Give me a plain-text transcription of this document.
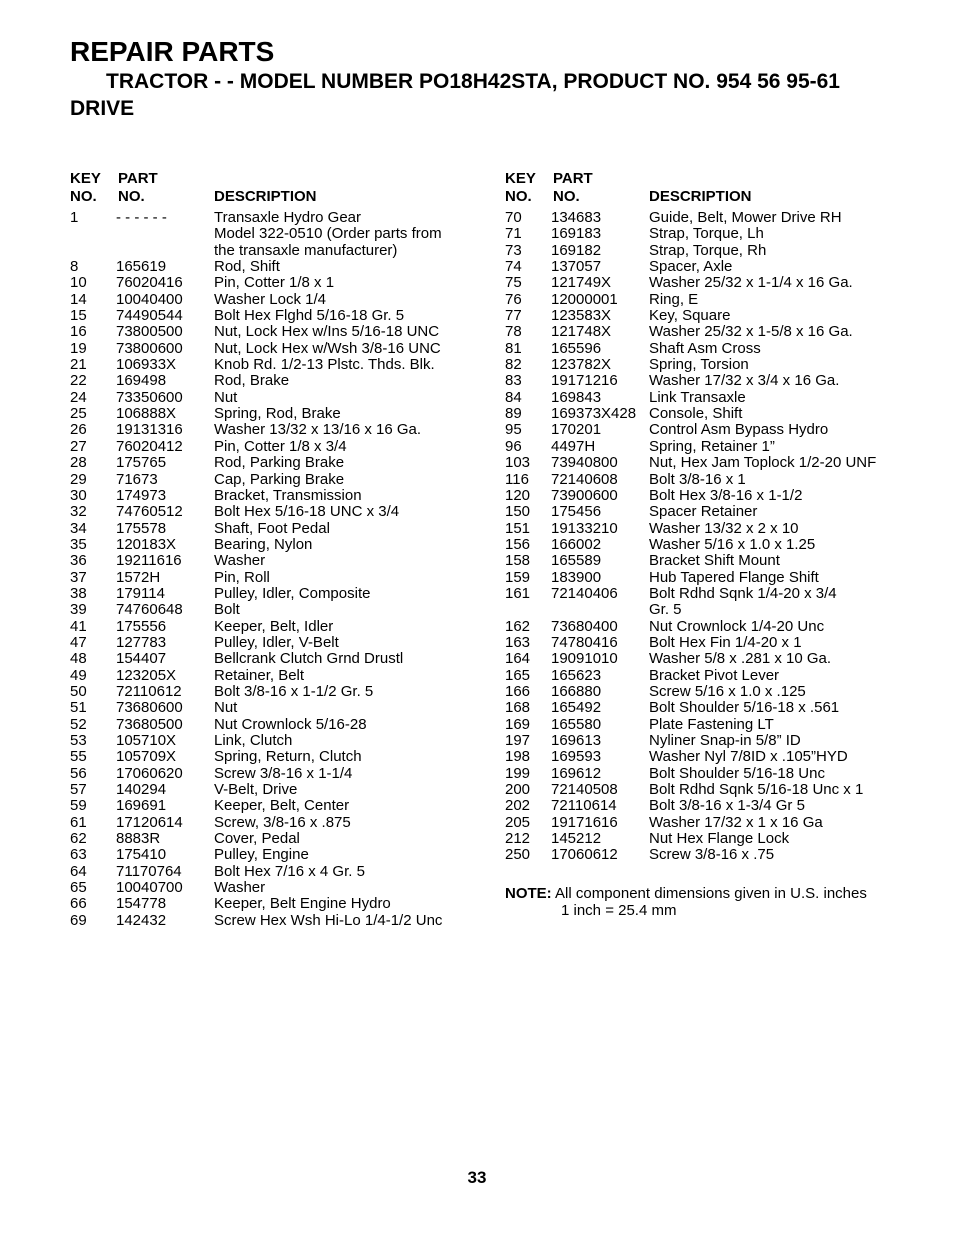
REPAIR PARTS
TRACTOR - - MODEL NUMBER PO18H42STA, PRODUCT NO. 954 56 95-61
DRIVE
KEY
NO.
PART
NO.	DESCRIPTION
1	- - - - - -	Transaxle Hydro Gear
Model 322-0510 (Order parts from
the transaxle manufacturer)
8	165619	Rod, Shift
10 76020416 Pin, Cotter 1/8 x 1
14 10040400 Washer Lock 1/4
15 74490544 Bolt Hex Flghd 5/16-18 Gr. 5
16 73800500 Nut, Lock Hex w/Ins 5/16-18 UNC
19 73800600 Nut, Lock Hex w/Wsh 3/8-16 UNC
21 106933X	Knob Rd. 1/2-13 Plstc. Thds. Blk.
22 169498	Rod, Brake
24 73350600 Nut
25 106888X	Spring, Rod, Brake
26 19131316 Washer 13/32 x 13/16 x 16 Ga.
27 76020412 Pin, Cotter 1/8 x 3/4
28 175765	Rod, Parking Brake
29 71673	Cap, Parking Brake
30 174973	Bracket, Transmission
32 74760512 Bolt Hex 5/16-18 UNC x 3/4
34 175578	Shaft, Foot Pedal
35 120183X	Bearing, Nylon
36 19211616 Washer
37 1572H	Pin, Roll
38 179114	Pulley, Idler, Composite
39 74760648 Bolt
41 175556	Keeper, Belt, Idler
47 127783	Pulley, Idler, V-Belt
48 154407	Bellcrank Clutch Grnd Drustl
49 123205X	Retainer, Belt
50 72110612 Bolt 3/8-16 x 1-1/2 Gr. 5
51 73680600 Nut
52 73680500 Nut Crownlock 5/16-28
53 105710X	Link, Clutch
55 105709X	Spring, Return, Clutch
56 17060620 Screw 3/8-16 x 1-1/4
57 140294	V-Belt, Drive
59 169691	Keeper, Belt, Center
61 17120614 Screw, 3/8-16 x .875
62 8883R	Cover, Pedal
63 175410	Pulley, Engine
64 71170764 Bolt Hex 7/16 x 4 Gr. 5
65 10040700 Washer
66 154778	Keeper, Belt Engine Hydro
69 142432	Screw Hex Wsh Hi-Lo 1/4-1/2 Unc
KEY
NO.
PART
NO.	DESCRIPTION
70 134683	Guide, Belt, Mower Drive RH
71 169183	Strap, Torque, Lh
73 169182	Strap, Torque, Rh
74 137057	Spacer, Axle
75 121749X	Washer 25/32 x 1-1/4 x 16 Ga.
76 12000001 Ring, E
77 123583X	Key, Square
78 121748X	Washer 25/32 x 1-5/8 x 16 Ga.
81 165596	Shaft Asm Cross
82 123782X	Spring, Torsion
83 19171216 Washer 17/32 x 3/4 x 16 Ga.
84 169843	Link Transaxle
89 169373X428 Console, Shift
95 170201	Control Asm Bypass Hydro
96 4497H	Spring, Retainer 1”
103 73940800 Nut, Hex Jam Toplock 1/2-20 UNF
116 72140608 Bolt 3/8-16 x 1
120 73900600 Bolt Hex 3/8-16 x 1-1/2
150 175456	Spacer Retainer
151 19133210 Washer 13/32 x 2 x 10
156 166002	Washer 5/16 x 1.0 x 1.25
158 165589	Bracket Shift Mount
159 183900	Hub Tapered Flange Shift
161 72140406 Bolt Rdhd Sqnk 1/4-20 x 3/4
Gr. 5
162 73680400 Nut Crownlock 1/4-20 Unc
163 74780416 Bolt Hex Fin 1/4-20 x 1
164 19091010 Washer 5/8 x .281 x 10 Ga.
165 165623	Bracket Pivot Lever
166 166880	Screw 5/16 x 1.0 x .125
168 165492	Bolt Shoulder 5/16-18 x .561
169 165580	Plate Fastening LT
197 169613	Nyliner Snap-in 5/8” ID
198 169593	Washer Nyl 7/8ID x .105”HYD
199 169612	Bolt Shoulder 5/16-18 Unc
200 72140508 Bolt Rdhd Sqnk 5/16-18 Unc x 1
202 72110614 Bolt 3/8-16 x 1-3/4 Gr 5
205 19171616 Washer 17/32 x 1 x 16 Ga
212 145212	Nut Hex Flange Lock
250 17060612 Screw 3/8-16 x .75
NOTE: All component dimensions given in U.S. inches
1 inch = 25.4 mm
33
